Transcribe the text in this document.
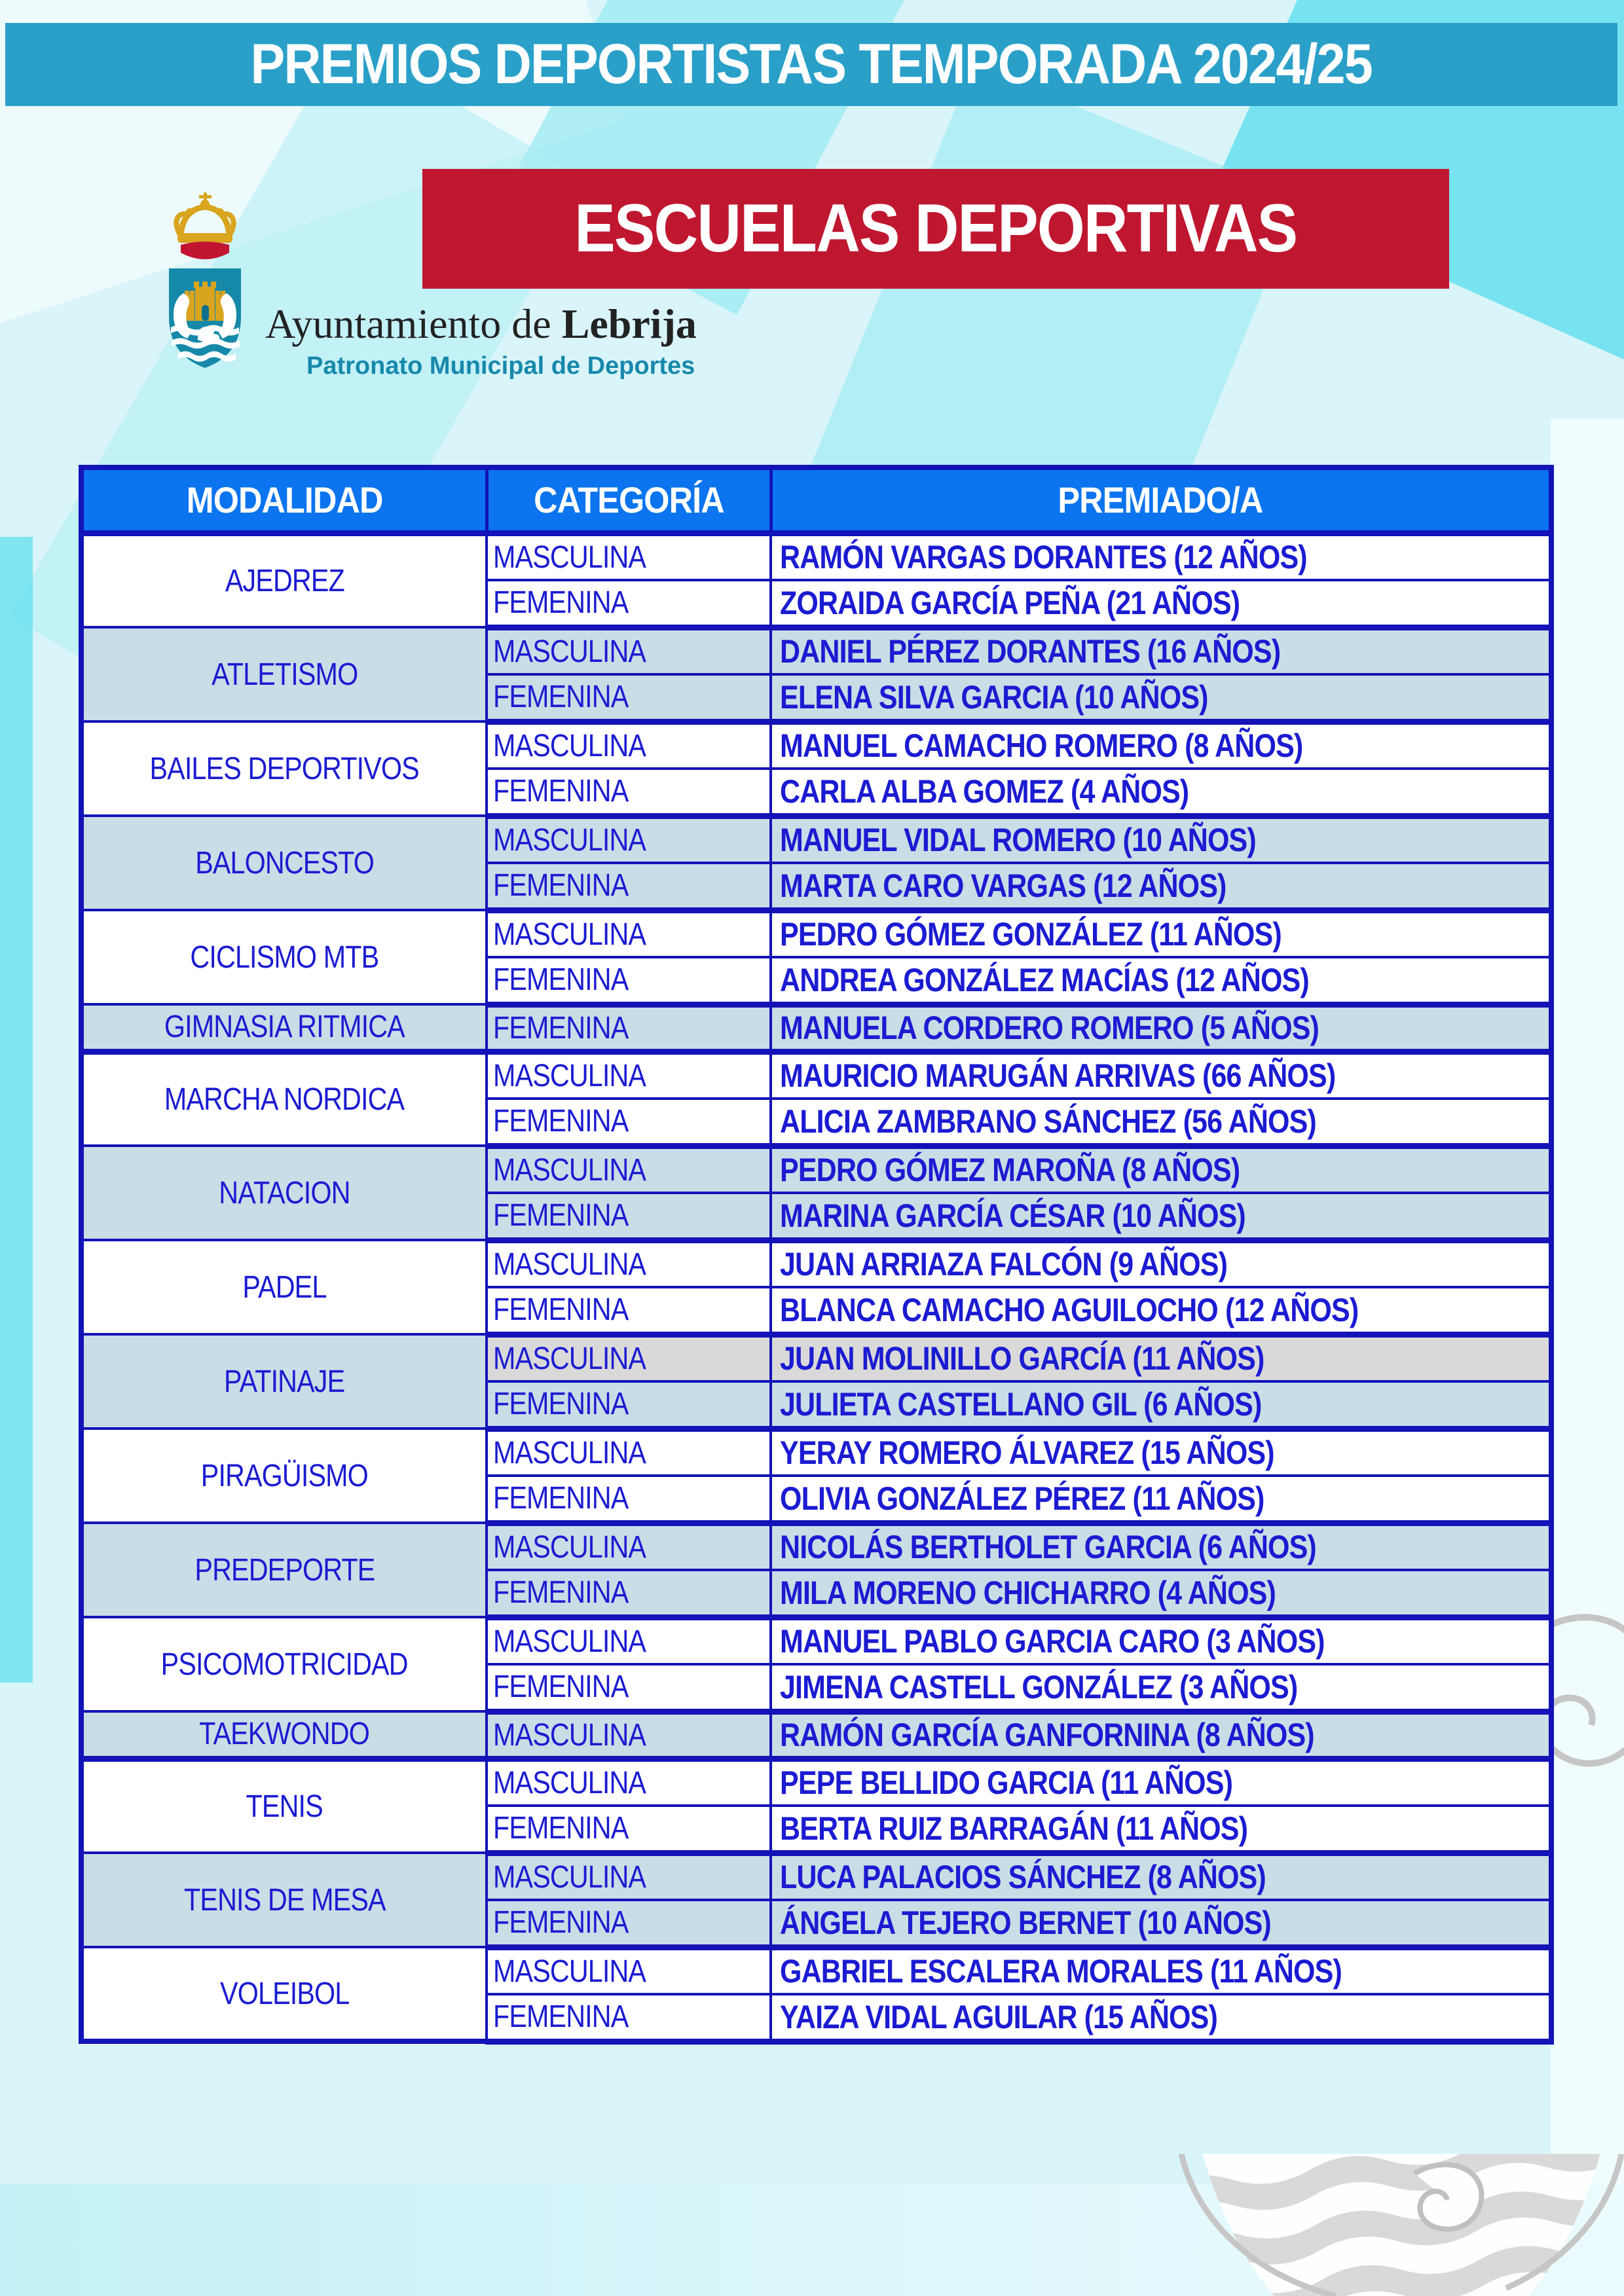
PREMIOS DEPORTISTAS TEMPORADA 2024/25
ESCUELAS DEPORTIVAS
Ayuntamiento de Lebrija
Patronato Municipal de Deportes
MODALIDAD	CATEGORÍA	PREMIADO/A
AJEDREZ	MASCULINA	RAMÓN VARGAS DORANTES (12 AÑOS)
	FEMENINA	ZORAIDA GARCÍA PEÑA (21 AÑOS)
ATLETISMO	MASCULINA	DANIEL PÉREZ DORANTES (16 AÑOS)
	FEMENINA	ELENA SILVA GARCIA (10 AÑOS)
BAILES DEPORTIVOS	MASCULINA	MANUEL CAMACHO ROMERO (8 AÑOS)
	FEMENINA	CARLA ALBA GOMEZ (4 AÑOS)
BALONCESTO	MASCULINA	MANUEL VIDAL ROMERO (10 AÑOS)
	FEMENINA	MARTA CARO VARGAS (12 AÑOS)
CICLISMO MTB	MASCULINA	PEDRO GÓMEZ GONZÁLEZ (11 AÑOS)
	FEMENINA	ANDREA GONZÁLEZ MACÍAS (12 AÑOS)
GIMNASIA RITMICA	FEMENINA	MANUELA CORDERO ROMERO (5 AÑOS)
MARCHA NORDICA	MASCULINA	MAURICIO MARUGÁN ARRIVAS (66 AÑOS)
	FEMENINA	ALICIA ZAMBRANO SÁNCHEZ (56 AÑOS)
NATACION	MASCULINA	PEDRO GÓMEZ MAROÑA (8 AÑOS)
	FEMENINA	MARINA GARCÍA CÉSAR (10 AÑOS)
PADEL	MASCULINA	JUAN ARRIAZA FALCÓN (9 AÑOS)
	FEMENINA	BLANCA CAMACHO AGUILOCHO (12 AÑOS)
PATINAJE	MASCULINA	JUAN MOLINILLO GARCÍA (11 AÑOS)
	FEMENINA	JULIETA CASTELLANO GIL (6 AÑOS)
PIRAGÜISMO	MASCULINA	YERAY ROMERO ÁLVAREZ (15 AÑOS)
	FEMENINA	OLIVIA GONZÁLEZ PÉREZ (11 AÑOS)
PREDEPORTE	MASCULINA	NICOLÁS BERTHOLET GARCIA (6 AÑOS)
	FEMENINA	MILA MORENO CHICHARRO (4 AÑOS)
PSICOMOTRICIDAD	MASCULINA	MANUEL PABLO GARCIA CARO (3 AÑOS)
	FEMENINA	JIMENA CASTELL GONZÁLEZ (3 AÑOS)
TAEKWONDO	MASCULINA	RAMÓN GARCÍA GANFORNINA (8 AÑOS)
TENIS	MASCULINA	PEPE BELLIDO GARCIA (11 AÑOS)
	FEMENINA	BERTA RUIZ BARRAGÁN (11 AÑOS)
TENIS DE MESA	MASCULINA	LUCA PALACIOS SÁNCHEZ (8 AÑOS)
	FEMENINA	ÁNGELA TEJERO BERNET (10 AÑOS)
VOLEIBOL	MASCULINA	GABRIEL ESCALERA MORALES (11 AÑOS)
	FEMENINA	YAIZA VIDAL AGUILAR (15 AÑOS)
